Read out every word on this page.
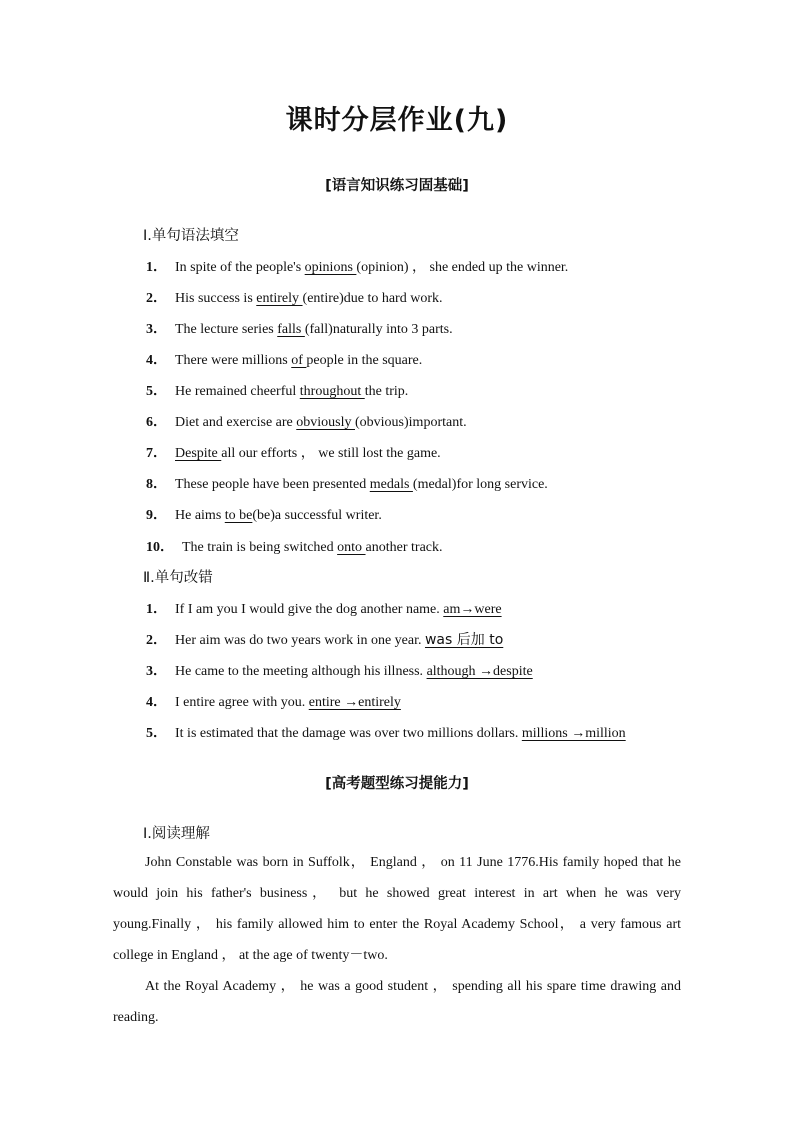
课时分层作业(九)
[语言知识练习固基础]
Ⅰ.单句语法填空
1． In spite of the people's opinions (opinion) ， she ended up the winner.
2． His success is entirely (entire)due to hard work.
3． The lecture series falls (fall)naturally into 3 parts.
4． There were millions of people in the square.
5． He remained cheerful throughout the trip.
6． Diet and exercise are obviously (obvious)important.
7． Despite all our efforts ， we still lost the game.
8． These people have been presented medals (medal)for long service.
9． He aims to be(be)a successful writer.
10． The train is being switched onto another track.
Ⅱ.单句改错
1． If I am you I would give the dog another name. am→were
2． Her aim was do two years work in one year. was 后加 to
3． He came to the meeting although his illness. although →despite
4． I entire agree with you. entire →entirely
5． It is estimated that the damage was over two millions dollars. millions →million
[高考题型练习提能力]
Ⅰ.阅读理解
John Constable was born in Suffolk， England ， on 11 June 1776.His family hoped that he would join his father's business， but he showed great interest in art when he was very young.Finally ， his family allowed him to enter the Royal Academy School， a very famous art college in England ， at the age of twenty－two.
At the Royal Academy ， he was a good student ， spending all his spare time drawing and reading.
